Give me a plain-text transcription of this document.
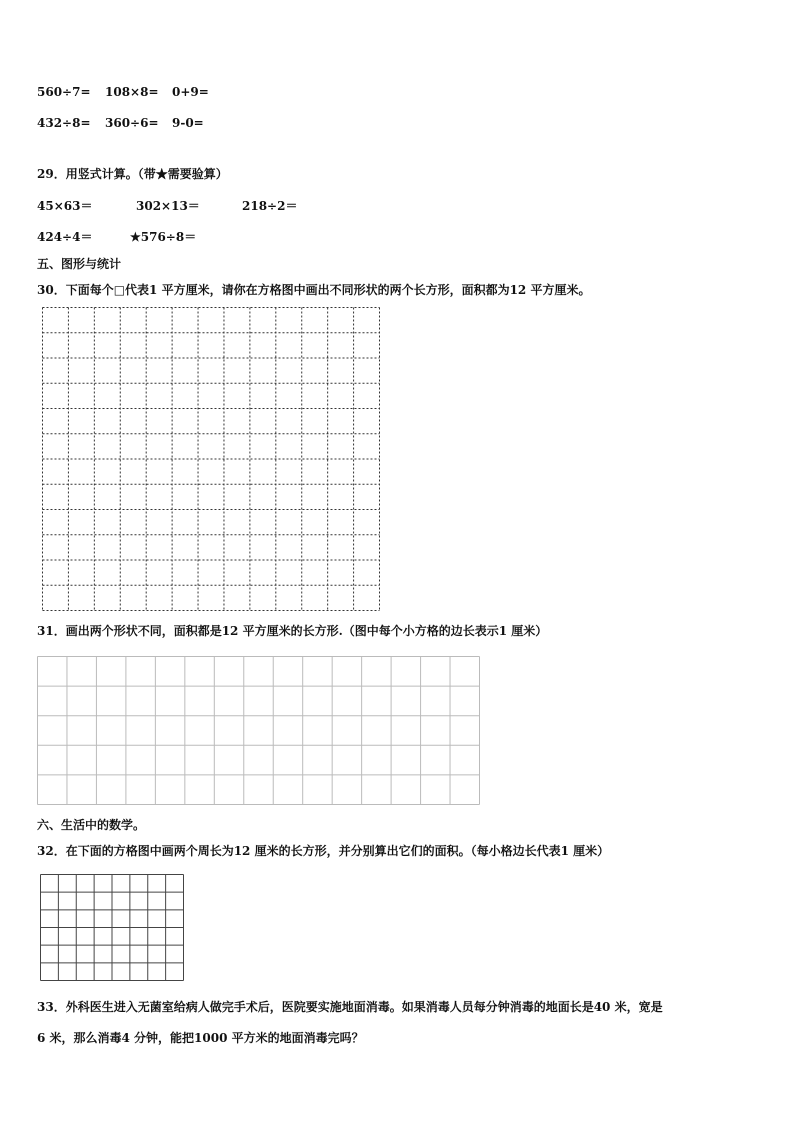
560÷7= 108×8= 0+9=
432÷8= 360÷6= 9-0=
29．用竖式计算。（带★需要验算）
45×63＝	302×13＝	218÷2＝
424÷4＝	★576÷8＝
五、图形与统计
30．下面每个□代表1 平方厘米，请你在方格图中画出不同形状的两个长方形，面积都为12 平方厘米。
31．画出两个形状不同，面积都是12 平方厘米的长方形.（图中每个小方格的边长表示1 厘米）
六、生活中的数学。
32．在下面的方格图中画两个周长为12 厘米的长方形，并分别算出它们的面积。（每小格边长代表1 厘米）
33．外科医生进入无菌室给病人做完手术后，医院要实施地面消毒。如果消毒人员每分钟消毒的地面长是40 米，宽是
6 米，那么消毒4 分钟，能把1000 平方米的地面消毒完吗？
